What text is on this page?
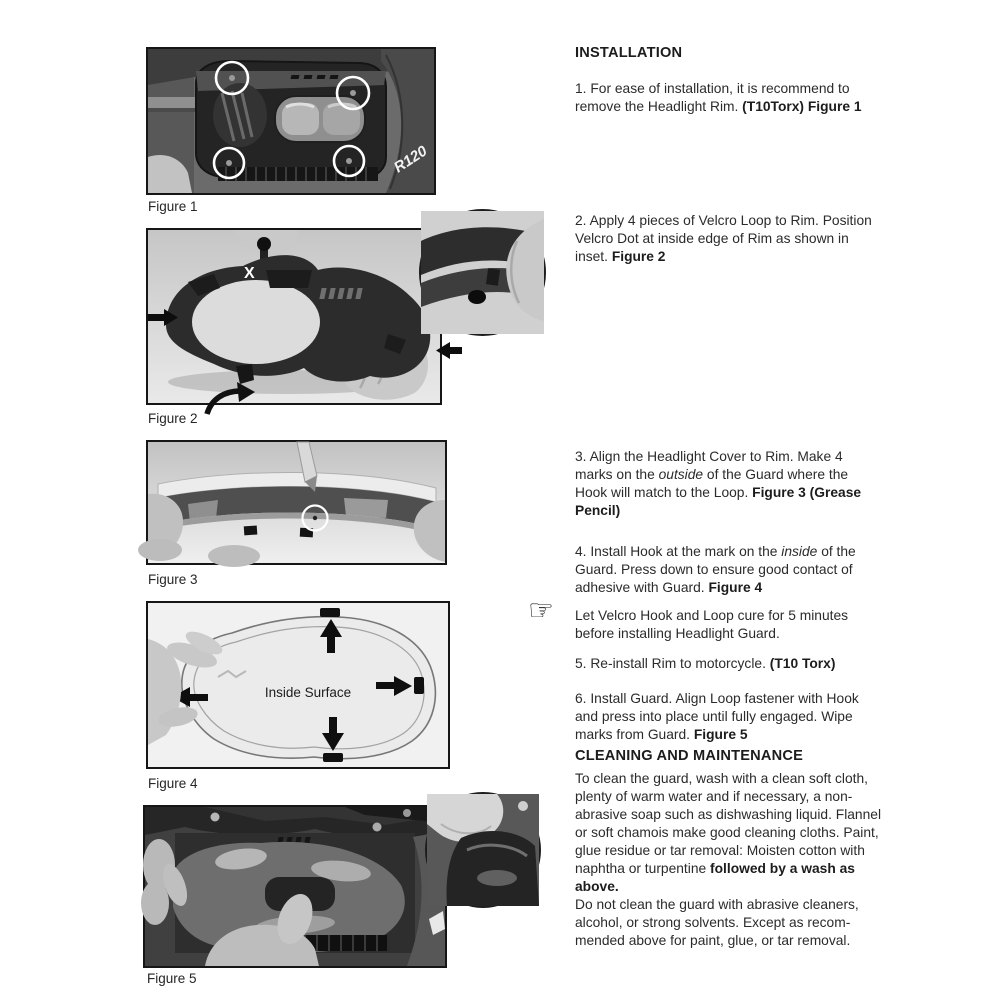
R120
Figure 1
X
Figure 2
Figure 3
Inside Surface
Figure 4
Figure 5

INSTALLATION

1. For ease of installation, it is recommend to remove the Headlight Rim. (T10Torx) Figure 1

2. Apply 4 pieces of Velcro Loop to Rim. Position Velcro Dot at inside edge of Rim as shown in inset. Figure 2

3. Align the Headlight Cover to Rim. Make 4 marks on the outside of the Guard where the Hook will match to the Loop. Figure 3 (Grease Pencil)

4. Install Hook at the mark on the inside of the Guard. Press down to ensure good contact of adhesive with Guard. Figure 4

☞ Let Velcro Hook and Loop cure for 5 minutes before installing Headlight Guard.

5. Re-install Rim to motorcycle. (T10 Torx)

6. Install Guard. Align Loop fastener with Hook and press into place until fully engaged. Wipe marks from Guard. Figure 5

CLEANING AND MAINTENANCE

To clean the guard, wash with a clean soft cloth, plenty of warm water and if necessary, a non-abrasive soap such as dishwashing liquid. Flannel or soft chamois make good cleaning cloths. Paint, glue residue or tar removal: Moisten cotton with naphtha or turpentine followed by a wash as above.

Do not clean the guard with abrasive cleaners, alcohol, or strong solvents. Except as recommended above for paint, glue, or tar removal.
